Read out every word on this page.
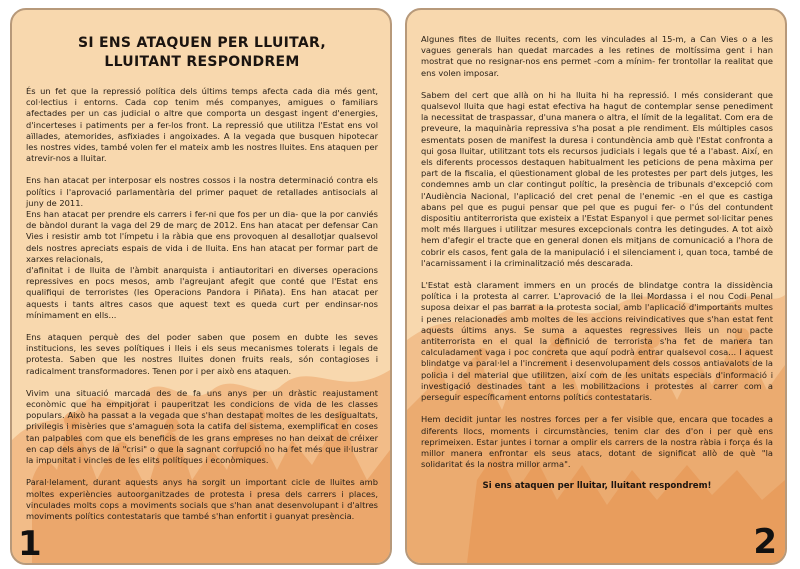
SI ENS ATAQUEN PER LLUITAR,
LLUITANT RESPONDREM

És un fet que la repressió política dels últims temps afecta cada dia més gent, col·lectius i entorns. Cada cop tenim més companyes, amigues o familiars afectades per un cas judicial o altre que comporta un desgast ingent d'energies, d'incerteses i patiments per a fer-los front. La repressió que utilitza l'Estat ens vol aïllades, atemorides, asfixiades i angoixades. A la vegada que busquen hipotecar les nostres vides, també volen fer el mateix amb les nostres lluites. Ens ataquen per atrevir-nos a lluitar.

Ens han atacat per interposar els nostres cossos i la nostra determinació contra els polítics i l'aprovació parlamentària del primer paquet de retallades antisocials al juny de 2011.
Ens han atacat per prendre els carrers i fer-ni que fos per un dia- que la por canviés de bàndol durant la vaga del 29 de març de 2012. Ens han atacat per defensar Can Vies i resistir amb tot l'ímpetu i la ràbia que ens provoquen al desallotjar qualsevol dels nostres apreciats espais de vida i de lluita. Ens han atacat per formar part de xarxes relacionals,
d'afinitat i de lluita de l'àmbit anarquista i antiautoritari en diverses operacions repressives en pocs mesos, amb l'agreujant afegit que conté que l'Estat ens qualifiqui de terroristes (les Operacions Pandora i Piñata). Ens han atacat per aquests i tants altres casos que aquest text es queda curt per endinsar-nos mínimament en ells...

Ens ataquen perquè des del poder saben que posem en dubte les seves institucions, les seves polítiques i lleis i els seus mecanismes tolerats i legals de protesta. Saben que les nostres lluites donen fruits reals, són contagioses i radicalment transformadores. Tenen por i per això ens ataquen.

Vivim una situació marcada des de fa uns anys per un dràstic reajustament econòmic que ha empitjorat i pauperitzat les condicions de vida de les classes populars. Això ha passat a la vegada que s'han destapat moltes de les desigualtats, privilegis i misèries que s'amaguen sota la catifa del sistema, exemplificat en coses tan palpables com que els beneficis de les grans empreses no han deixat de créixer en cap dels anys de la "crisi" o que la sagnant corrupció no ha fet més que il·lustrar la impunitat i vincles de les elits polítiques i econòmiques.

Paral·lelament, durant aquests anys ha sorgit un important cicle de lluites amb moltes experiències autoorganitzades de protesta i presa dels carrers i places, vinculades molts cops a moviments socials que s'han anat desenvolupant i d'altres moviments polítics contestataris que també s'han enfortit i guanyat presència.

1

Algunes fites de lluites recents, com les vinculades al 15-m, a Can Vies o a les vagues generals han quedat marcades a les retines de moltíssima gent i han mostrat que no resignar-nos ens permet -com a mínim- fer trontollar la realitat que ens volen imposar.

Sabem del cert que allà on hi ha lluita hi ha repressió. I més considerant que qualsevol lluita que hagi estat efectiva ha hagut de contemplar sense penediment la necessitat de traspassar, d'una manera o altra, el límit de la legalitat. Com era de preveure, la maquinària repressiva s'ha posat a ple rendiment. Els múltiples casos esmentats posen de manifest la duresa i contundència amb què l'Estat confronta a qui gosa lluitar, utilitzant tots els recursos judicials i legals que té a l'abast. Així, en els diferents processos destaquen habitualment les peticions de pena màxima per part de la fiscalia, el qüestionament global de les protestes per part dels jutges, les condemnes amb un clar contingut polític, la presència de tribunals d'excepció com l'Audiència Nacional, l'aplicació del cret penal de l'enemic -en el que es castiga abans pel que es pugui pensar que pel que es pugui fer- o l'ús del contundent dispositiu antiterrorista que existeix a l'Estat Espanyol i que permet sol·licitar penes molt més llargues i utilitzar mesures excepcionals contra les detingudes. A tot això hem d'afegir el tracte que en general donen els mitjans de comunicació a l'hora de cobrir els casos, fent gala de la manipulació i el silenciament i, quan toca, també de l'acarnissament i la criminalització més descarada.

L'Estat està clarament immers en un procés de blindatge contra la dissidència política i la protesta al carrer. L'aprovació de la llei Mordassa i el nou Codi Penal suposa deixar el pas barrat a la protesta social, amb l'aplicació d'importants multes i penes relacionades amb moltes de les accions reivindicatives que s'han estat fent aquests últims anys. Se suma a aquestes regressives lleis un nou pacte antiterrorista en el qual la definició de terrorista s'ha fet de manera tan calculadament vaga i poc concreta que aquí podrà entrar qualsevol cosa... I aquest blindatge va paral·lel a l'increment i desenvolupament dels cossos antiavalots de la policia i del material que utilitzen, així com de les unitats especials d'informació i investigació destinades tant a les mobilitzacions i protestes al carrer com a perseguir específicament entorns polítics contestataris.

Hem decidit juntar les nostres forces per a fer visible que, encara que tocades a diferents llocs, moments i circumstàncies, tenim clar des d'on i per què ens reprimeixen. Estar juntes i tornar a omplir els carrers de la nostra ràbia i força és la millor manera enfrontar els seus atacs, dotant de significat allò de què "la solidaritat és la nostra millor arma".

Si ens ataquen per lluitar, lluitant respondrem!
2
